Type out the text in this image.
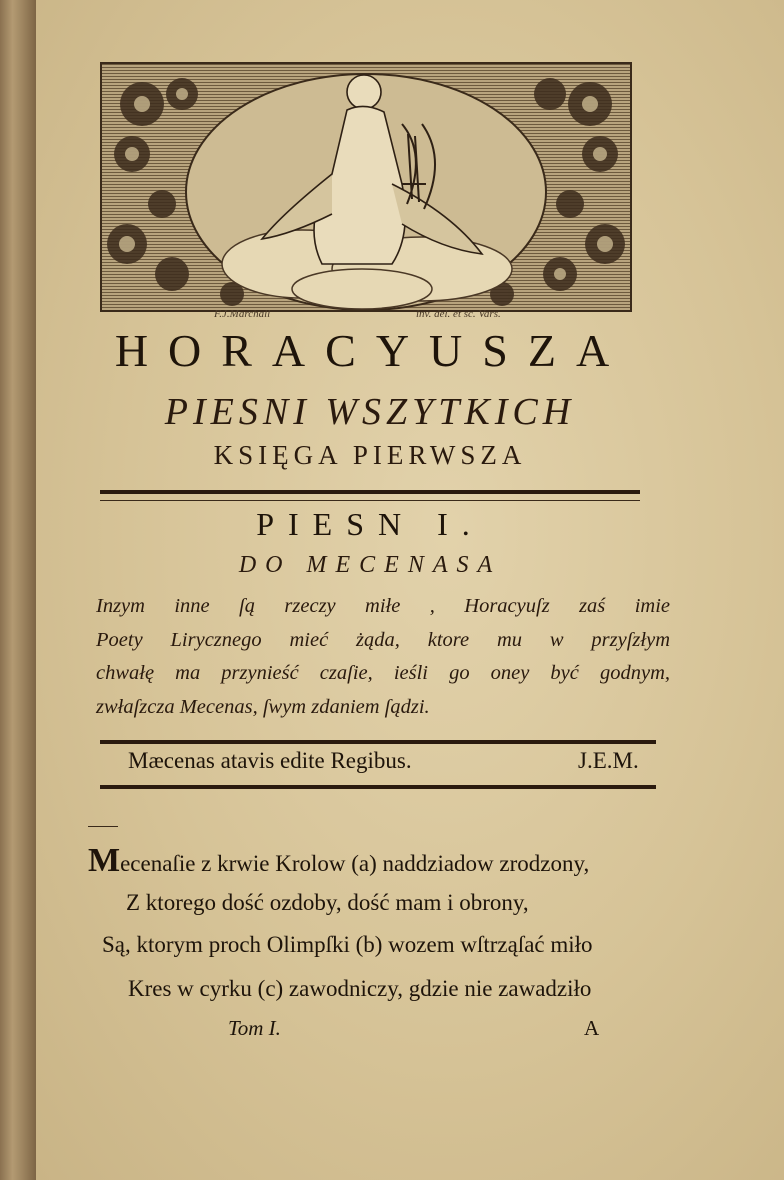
F.J.Marchall	inv. del. et sc. Vars.
HORACYUSZA
PIESNI WSZYTKICH
KSIĘGA PIERWSZA
PIESN I.
DO MECENASA
Inzym inne ſą rzeczy miłe , Horacyuſz zaś imie
Poety Lirycznego mieć żąda, ktore mu w przyſzłym
chwałę ma przynieść czaſie, ieśli go oney być godnym,
zwłaſzcza Mecenas, ſwym zdaniem ſądzi.
Mæcenas atavis edite Regibus.	J.E.M.
Mecenaſie z krwie Krolow (a) naddziadow zrodzony,
Z ktorego dość ozdoby, dość mam i obrony,
Są, ktorym proch Olimpſki (b) wozem wſtrząſać miło
Kres w cyrku (c) zawodniczy, gdzie nie zawadziło
Tom I.	A
